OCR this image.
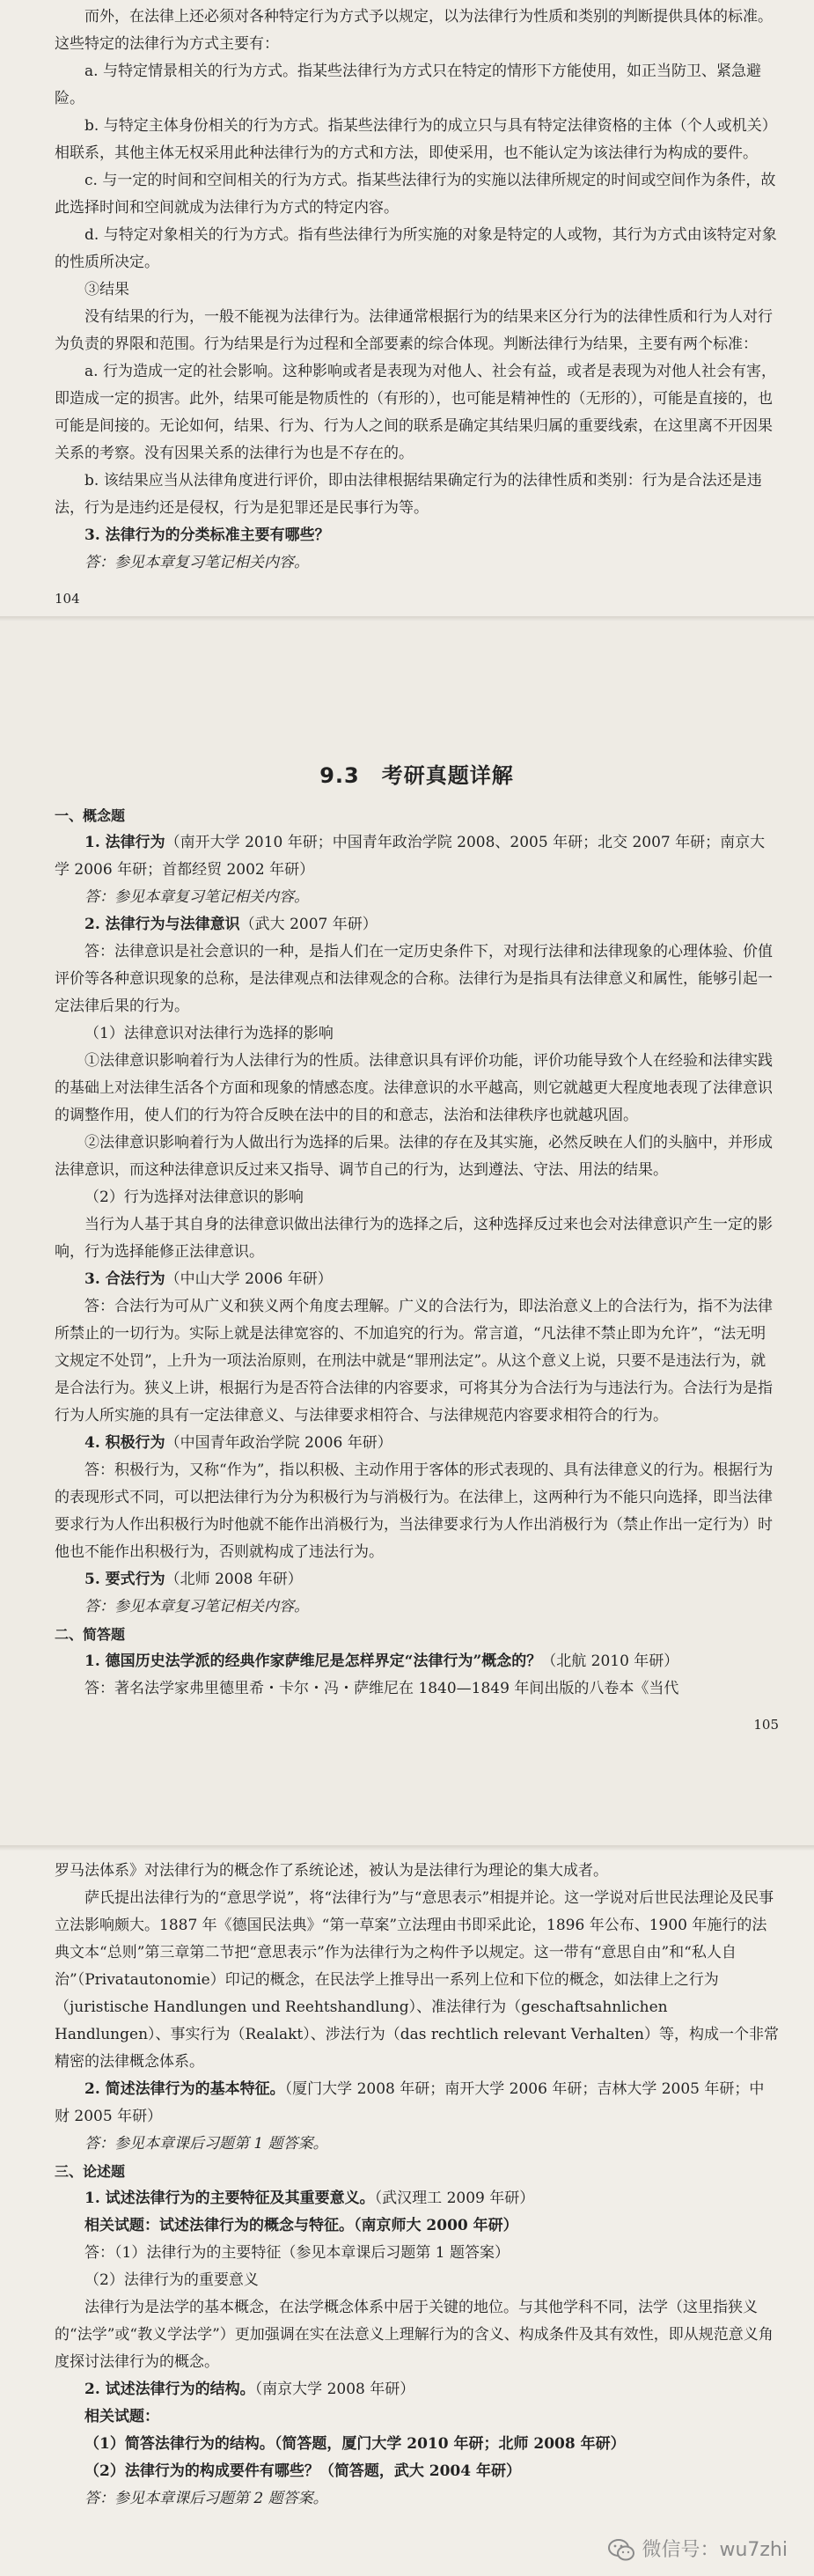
而外，在法律上还必须对各种特定行为方式予以规定，以为法律行为性质和类别的判断提供具体的标准。这些特定的法律行为方式主要有：

a. 与特定情景相关的行为方式。指某些法律行为方式只在特定的情形下方能使用，如正当防卫、紧急避险。

b. 与特定主体身份相关的行为方式。指某些法律行为的成立只与具有特定法律资格的主体（个人或机关）相联系，其他主体无权采用此种法律行为的方式和方法，即使采用，也不能认定为该法律行为构成的要件。

c. 与一定的时间和空间相关的行为方式。指某些法律行为的实施以法律所规定的时间或空间作为条件，故此选择时间和空间就成为法律行为方式的特定内容。

d. 与特定对象相关的行为方式。指有些法律行为所实施的对象是特定的人或物，其行为方式由该特定对象的性质所决定。

③结果

没有结果的行为，一般不能视为法律行为。法律通常根据行为的结果来区分行为的法律性质和行为人对行为负责的界限和范围。行为结果是行为过程和全部要素的综合体现。判断法律行为结果，主要有两个标准：

a. 行为造成一定的社会影响。这种影响或者是表现为对他人、社会有益，或者是表现为对他人社会有害，即造成一定的损害。此外，结果可能是物质性的（有形的），也可能是精神性的（无形的），可能是直接的，也可能是间接的。无论如何，结果、行为、行为人之间的联系是确定其结果归属的重要线索，在这里离不开因果关系的考察。没有因果关系的法律行为也是不存在的。

b. 该结果应当从法律角度进行评价，即由法律根据结果确定行为的法律性质和类别：行为是合法还是违法，行为是违约还是侵权，行为是犯罪还是民事行为等。

3. 法律行为的分类标准主要有哪些？

答：参见本章复习笔记相关内容。

104

9.3　考研真题详解

一、概念题

1. 法律行为（南开大学 2010 年研；中国青年政治学院 2008、2005 年研；北交 2007 年研；南京大学 2006 年研；首都经贸 2002 年研）

答：参见本章复习笔记相关内容。

2. 法律行为与法律意识（武大 2007 年研）

答：法律意识是社会意识的一种，是指人们在一定历史条件下，对现行法律和法律现象的心理体验、价值评价等各种意识现象的总称，是法律观点和法律观念的合称。法律行为是指具有法律意义和属性，能够引起一定法律后果的行为。

（1）法律意识对法律行为选择的影响

①法律意识影响着行为人法律行为的性质。法律意识具有评价功能，评价功能导致个人在经验和法律实践的基础上对法律生活各个方面和现象的情感态度。法律意识的水平越高，则它就越更大程度地表现了法律意识的调整作用，使人们的行为符合反映在法中的目的和意志，法治和法律秩序也就越巩固。

②法律意识影响着行为人做出行为选择的后果。法律的存在及其实施，必然反映在人们的头脑中，并形成法律意识，而这种法律意识反过来又指导、调节自己的行为，达到遵法、守法、用法的结果。

（2）行为选择对法律意识的影响

当行为人基于其自身的法律意识做出法律行为的选择之后，这种选择反过来也会对法律意识产生一定的影响，行为选择能修正法律意识。

3. 合法行为（中山大学 2006 年研）

答：合法行为可从广义和狭义两个角度去理解。广义的合法行为，即法治意义上的合法行为，指不为法律所禁止的一切行为。实际上就是法律宽容的、不加追究的行为。常言道，“凡法律不禁止即为允许”，“法无明文规定不处罚”，上升为一项法治原则，在刑法中就是“罪刑法定”。从这个意义上说，只要不是违法行为，就是合法行为。狭义上讲，根据行为是否符合法律的内容要求，可将其分为合法行为与违法行为。合法行为是指行为人所实施的具有一定法律意义、与法律要求相符合、与法律规范内容要求相符合的行为。

4. 积极行为（中国青年政治学院 2006 年研）

答：积极行为，又称“作为”，指以积极、主动作用于客体的形式表现的、具有法律意义的行为。根据行为的表现形式不同，可以把法律行为分为积极行为与消极行为。在法律上，这两种行为不能只向选择，即当法律要求行为人作出积极行为时他就不能作出消极行为，当法律要求行为人作出消极行为（禁止作出一定行为）时他也不能作出积极行为，否则就构成了违法行为。

5. 要式行为（北师 2008 年研）

答：参见本章复习笔记相关内容。

二、简答题

1. 德国历史法学派的经典作家萨维尼是怎样界定“法律行为”概念的？（北航 2010 年研）

答：著名法学家弗里德里希・卡尔・冯・萨维尼在 1840—1849 年间出版的八卷本《当代

105

罗马法体系》对法律行为的概念作了系统论述，被认为是法律行为理论的集大成者。

萨氏提出法律行为的“意思学说”，将“法律行为”与“意思表示”相提并论。这一学说对后世民法理论及民事立法影响颇大。1887 年《德国民法典》“第一草案”立法理由书即采此论，1896 年公布、1900 年施行的法典文本“总则”第三章第二节把“意思表示”作为法律行为之构件予以规定。这一带有“意思自由”和“私人自治”（Privatautonomie）印记的概念，在民法学上推导出一系列上位和下位的概念，如法律上之行为（juristische Handlungen und Reehtshandlung）、准法律行为（geschaftsahnlichen Handlungen）、事实行为（Realakt）、涉法行为（das rechtlich relevant Verhalten）等，构成一个非常精密的法律概念体系。

2. 简述法律行为的基本特征。（厦门大学 2008 年研；南开大学 2006 年研；吉林大学 2005 年研；中财 2005 年研）

答：参见本章课后习题第 1 题答案。

三、论述题

1. 试述法律行为的主要特征及其重要意义。（武汉理工 2009 年研）

相关试题：试述法律行为的概念与特征。（南京师大 2000 年研）

答：（1）法律行为的主要特征（参见本章课后习题第 1 题答案）

（2）法律行为的重要意义

法律行为是法学的基本概念，在法学概念体系中居于关键的地位。与其他学科不同，法学（这里指狭义的“法学”或“教义学法学”）更加强调在实在法意义上理解行为的含义、构成条件及其有效性，即从规范意义角度探讨法律行为的概念。

2. 试述法律行为的结构。（南京大学 2008 年研）

相关试题：

（1）简答法律行为的结构。（简答题，厦门大学 2010 年研；北师 2008 年研）

（2）法律行为的构成要件有哪些？（简答题，武大 2004 年研）

答：参见本章课后习题第 2 题答案。

微信号：wu7zhi
